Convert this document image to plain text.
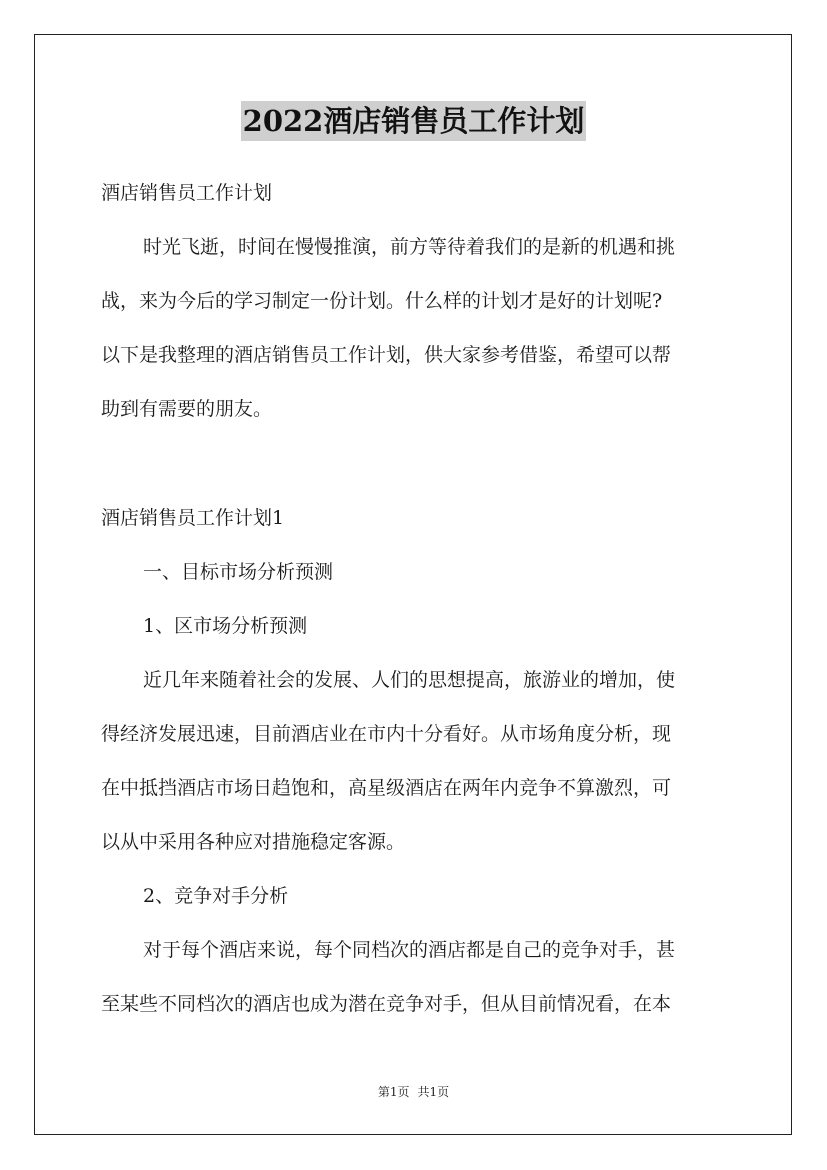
2022酒店销售员工作计划

酒店销售员工作计划

时光飞逝，时间在慢慢推演，前方等待着我们的是新的机遇和挑

战，来为今后的学习制定一份计划。什么样的计划才是好的计划呢?

以下是我整理的酒店销售员工作计划，供大家参考借鉴，希望可以帮

助到有需要的朋友。

酒店销售员工作计划1

一、目标市场分析预测

1、区市场分析预测

近几年来随着社会的发展、人们的思想提高，旅游业的增加，使

得经济发展迅速，目前酒店业在市内十分看好。从市场角度分析，现

在中抵挡酒店市场日趋饱和，高星级酒店在两年内竞争不算激烈，可

以从中采用各种应对措施稳定客源。

2、竞争对手分析

对于每个酒店来说，每个同档次的酒店都是自己的竞争对手，甚

至某些不同档次的酒店也成为潜在竞争对手，但从目前情况看，在本

第1页 共1页
